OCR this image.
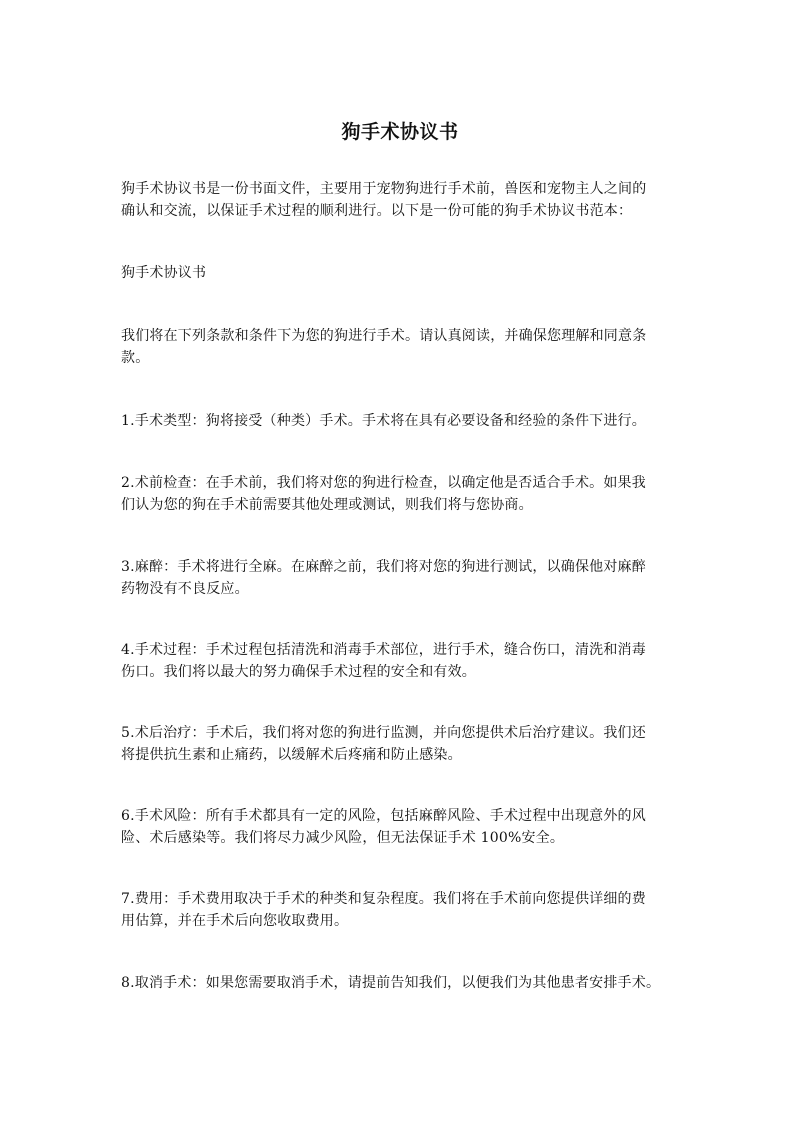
狗手术协议书
狗手术协议书是一份书面文件，主要用于宠物狗进行手术前，兽医和宠物主人之间的
确认和交流，以保证手术过程的顺利进行。以下是一份可能的狗手术协议书范本：
狗手术协议书
我们将在下列条款和条件下为您的狗进行手术。请认真阅读，并确保您理解和同意条
款。
1.手术类型：狗将接受（种类）手术。手术将在具有必要设备和经验的条件下进行。
2.术前检查：在手术前，我们将对您的狗进行检查，以确定他是否适合手术。如果我
们认为您的狗在手术前需要其他处理或测试，则我们将与您协商。
3.麻醉：手术将进行全麻。在麻醉之前，我们将对您的狗进行测试，以确保他对麻醉
药物没有不良反应。
4.手术过程：手术过程包括清洗和消毒手术部位，进行手术，缝合伤口，清洗和消毒
伤口。我们将以最大的努力确保手术过程的安全和有效。
5.术后治疗：手术后，我们将对您的狗进行监测，并向您提供术后治疗建议。我们还
将提供抗生素和止痛药，以缓解术后疼痛和防止感染。
6.手术风险：所有手术都具有一定的风险，包括麻醉风险、手术过程中出现意外的风
险、术后感染等。我们将尽力减少风险，但无法保证手术 100%安全。
7.费用：手术费用取决于手术的种类和复杂程度。我们将在手术前向您提供详细的费
用估算，并在手术后向您收取费用。
8.取消手术：如果您需要取消手术，请提前告知我们，以便我们为其他患者安排手术。
